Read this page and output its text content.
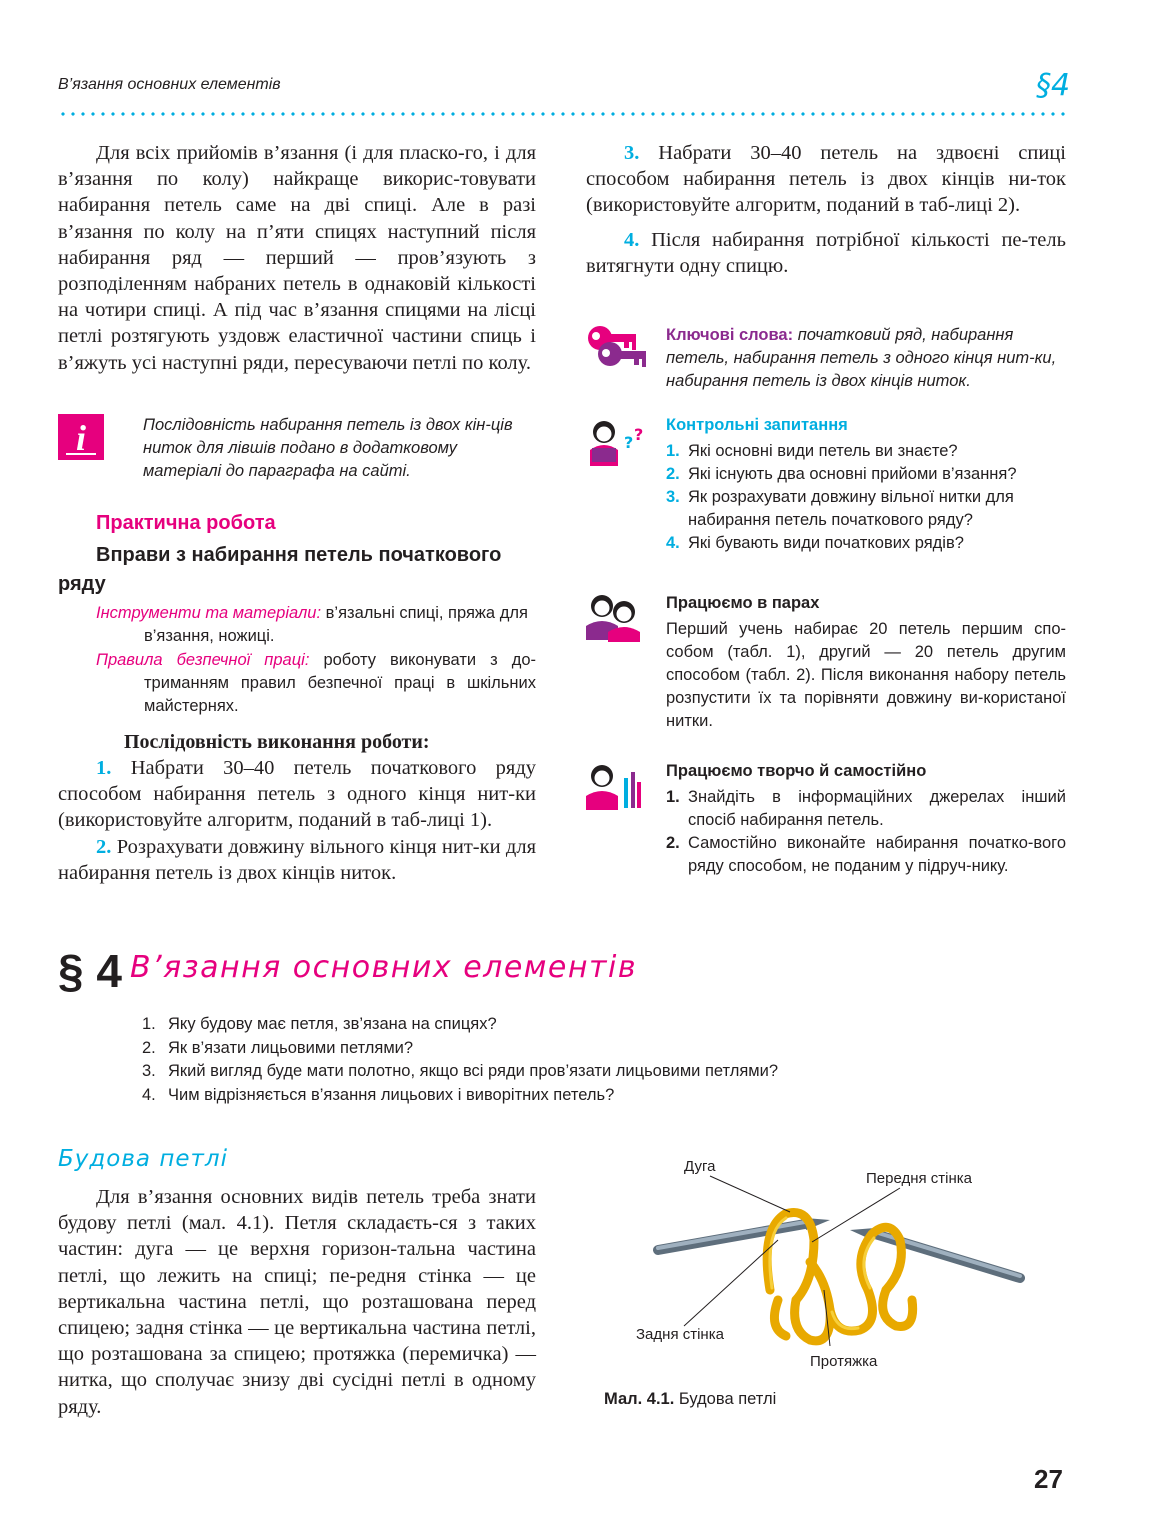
В’язання основних елементів	§4

Для всіх прийомів в’язання (і для пласко-го, і для в’язання по колу) найкраще викорис-товувати набирання петель саме на дві спиці. Але в разі в’язання по колу на п’яти спицях наступний після набирання ряд — перший — пров’язують з розподіленням набраних петель в однаковій кількості на чотири спиці. А під час в’язання спицями на лісці петлі розтягують уздовж еластичної частини спиць і в’яжуть усі наступні ряди, пересуваючи петлі по колу.

i	Послідовність набирання петель із двох кін-ців ниток для лівшів подано в додатковому матеріалі до параграфа на сайті.
Практична робота
Вправи з набирання петель початкового ряду

Інструменти та матеріали: в’язальні спиці, пряжа для в’язання, ножиці.

Правила безпечної праці: роботу виконувати з до-триманням правил безпечної праці в шкільних майстернях.

Послідовність виконання роботи:

1. Набрати 30–40 петель початкового ряду способом набирання петель з одного кінця нит-ки (використовуйте алгоритм, поданий в таб-лиці 1).

2. Розрахувати довжину вільного кінця нит-ки для набирання петель із двох кінців ниток.

3. Набрати 30–40 петель на здвоєні спиці способом набирання петель із двох кінців ни-ток (використовуйте алгоритм, поданий в таб-лиці 2).

4. Після набирання потрібної кількості пе-тель витягнути одну спицю.

Ключові слова: початковий ряд, набирання петель, набирання петель з одного кінця нит-ки, набирання петель із двох кінців ниток.
? ? Контрольні запитання

1. Які основні види петель ви знаєте?

2. Які існують два основні прийоми в’язання?

3. Як розрахувати довжину вільної нитки для набирання петель початкового ряду?

4. Які бувають види початкових рядів?

Працюємо в парах
Перший учень набирає 20 петель першим спо-собом (табл. 1), другий — 20 петель другим способом (табл. 2). Після виконання набору петель розпустити їх та порівняти довжину ви-користаної нитки.
Працюємо творчо й самостійно

1. Знайдіть в інформаційних джерелах інший спосіб набирання петель.

2. Самостійно виконайте набирання початко-вого ряду способом, не поданим у підруч-нику.

§ 4 В’язання основних елементів
1. Яку будову має петля, зв’язана на спицях?
2. Як в’язати лицьовими петлями?
3. Який вигляд буде мати полотно, якщо всі ряди пров’язати лицьовими петлями?
4. Чим відрізняється в’язання лицьових і виворітних петель?
Будова петлі

Для в’язання основних видів петель треба знати будову петлі (мал. 4.1). Петля складаєть-ся з таких частин: дуга — це верхня горизон-тальна частина петлі, що лежить на спиці; пе-редня стінка — це вертикальна частина петлі, що розташована перед спицею; задня стінка — це вертикальна частина петлі, що розташована за спицею; протяжка (перемичка) — нитка, що сполучає знизу дві сусідні петлі в одному ряду.

Дуга
Передня стінка
Задня стінка
Протяжка
Мал. 4.1. Будова петлі
27
